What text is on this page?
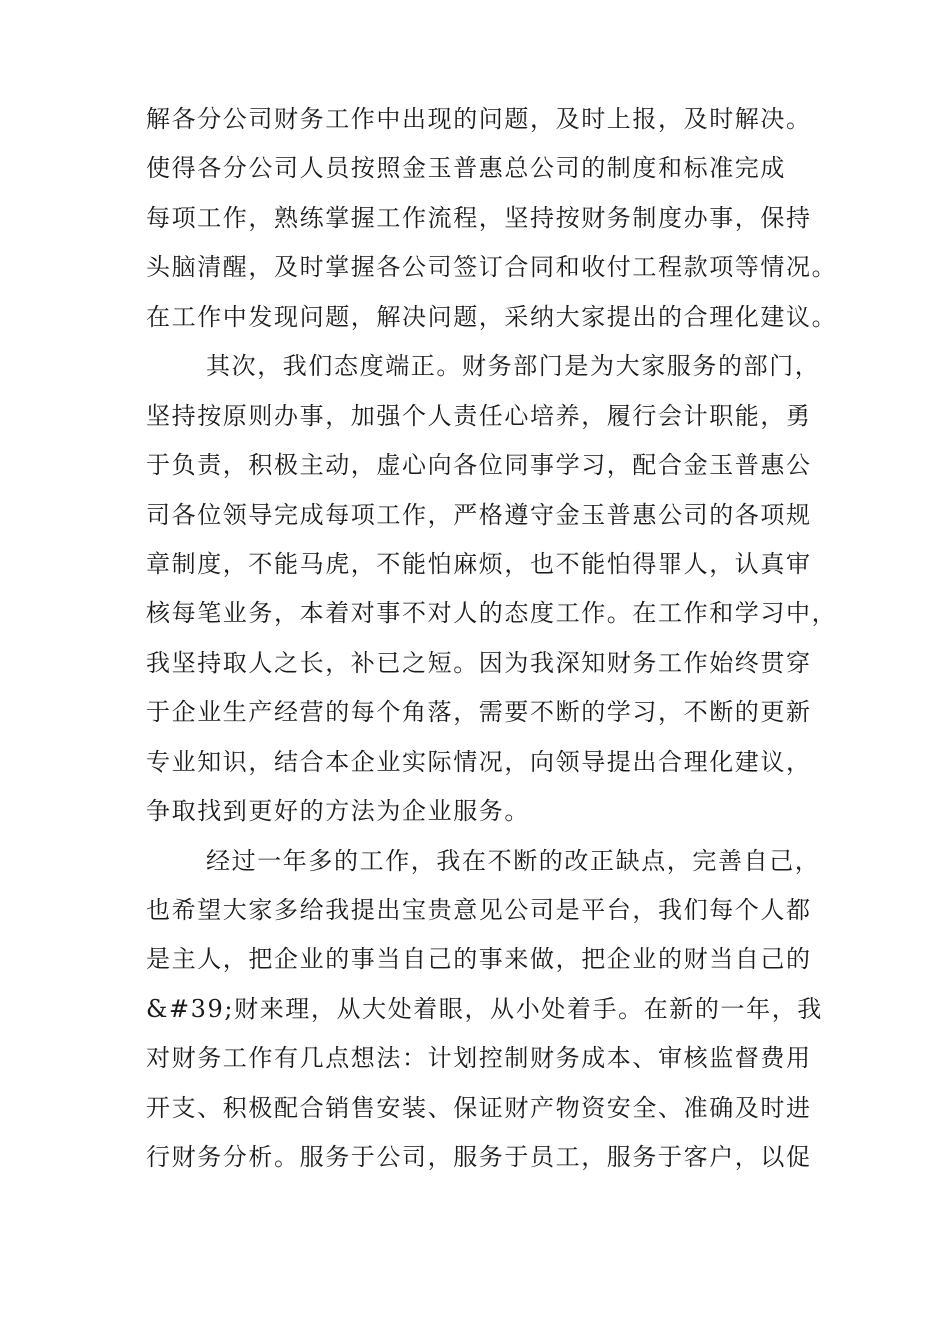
解各分公司财务工作中出现的问题，及时上报，及时解决。
使得各分公司人员按照金玉普惠总公司的制度和标准完成
每项工作，熟练掌握工作流程，坚持按财务制度办事，保持
头脑清醒，及时掌握各公司签订合同和收付工程款项等情况。
在工作中发现问题，解决问题，采纳大家提出的合理化建议。
其次，我们态度端正。财务部门是为大家服务的部门，
坚持按原则办事，加强个人责任心培养，履行会计职能，勇
于负责，积极主动，虚心向各位同事学习，配合金玉普惠公
司各位领导完成每项工作，严格遵守金玉普惠公司的各项规
章制度，不能马虎，不能怕麻烦，也不能怕得罪人，认真审
核每笔业务，本着对事不对人的态度工作。在工作和学习中，
我坚持取人之长，补已之短。因为我深知财务工作始终贯穿
于企业生产经营的每个角落，需要不断的学习，不断的更新
专业知识，结合本企业实际情况，向领导提出合理化建议，
争取找到更好的方法为企业服务。
经过一年多的工作，我在不断的改正缺点，完善自己，
也希望大家多给我提出宝贵意见公司是平台，我们每个人都
是主人，把企业的事当自己的事来做，把企业的财当自己的
&#39;财来理，从大处着眼，从小处着手。在新的一年，我
对财务工作有几点想法：计划控制财务成本、审核监督费用
开支、积极配合销售安装、保证财产物资安全、准确及时进
行财务分析。服务于公司，服务于员工，服务于客户，以促
